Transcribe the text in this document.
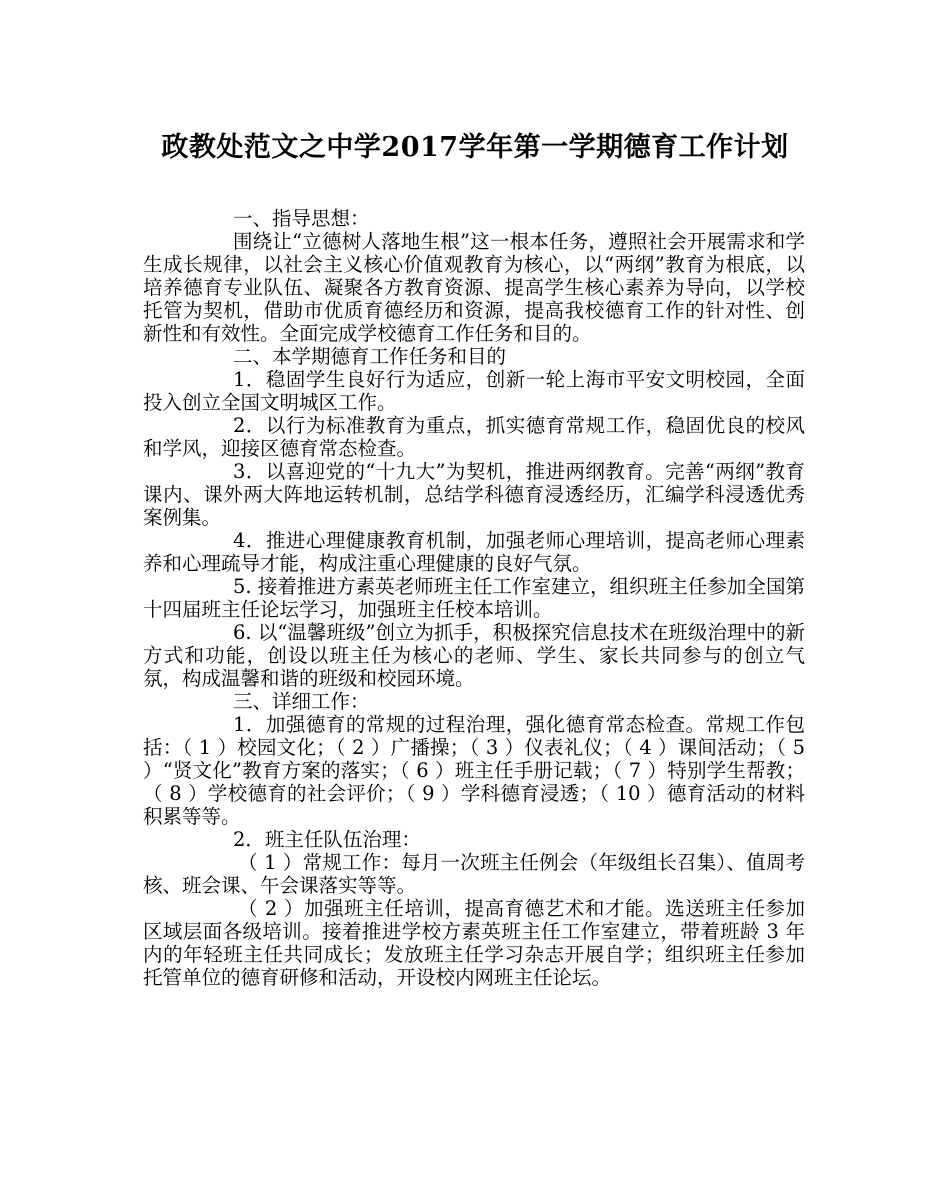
政教处范文之中学2017学年第一学期德育工作计划

一、指导思想：

围绕让“立德树人落地生根”这一根本任务，遵照社会开展需求和学生成长规律，以社会主义核心价值观教育为核心，以“两纲”教育为根底，以培养德育专业队伍、凝聚各方教育资源、提高学生核心素养为导向，以学校托管为契机，借助市优质育德经历和资源，提高我校德育工作的针对性、创新性和有效性。全面完成学校德育工作任务和目的。

二、本学期德育工作任务和目的

1．稳固学生良好行为适应，创新一轮上海市平安文明校园，全面投入创立全国文明城区工作。

2．以行为标准教育为重点，抓实德育常规工作，稳固优良的校风和学风，迎接区德育常态检查。

3．以喜迎党的“十九大”为契机，推进两纲教育。完善“两纲”教育课内、课外两大阵地运转机制，总结学科德育浸透经历，汇编学科浸透优秀案例集。

4．推进心理健康教育机制，加强老师心理培训，提高老师心理素养和心理疏导才能，构成注重心理健康的良好气氛。

5. 接着推进方素英老师班主任工作室建立，组织班主任参加全国第十四届班主任论坛学习，加强班主任校本培训。

6. 以“温馨班级”创立为抓手，积极探究信息技术在班级治理中的新方式和功能，创设以班主任为核心的老师、学生、家长共同参与的创立气氛，构成温馨和谐的班级和校园环境。

三、详细工作：

1．加强德育的常规的过程治理，强化德育常态检查。常规工作包括：（ 1 ）校园文化；（ 2 ）广播操；（ 3 ）仪表礼仪；（ 4 ）课间活动；（ 5 ）“贤文化”教育方案的落实；（ 6 ）班主任手册记载；（ 7 ）特别学生帮教；（ 8 ）学校德育的社会评价；（ 9 ）学科德育浸透；（ 10 ）德育活动的材料积累等等。

2．班主任队伍治理：

（ 1 ）常规工作：每月一次班主任例会（年级组长召集）、值周考核、班会课、午会课落实等等。

（ 2 ）加强班主任培训，提高育德艺术和才能。选送班主任参加区域层面各级培训。接着推进学校方素英班主任工作室建立，带着班龄 3 年内的年轻班主任共同成长；发放班主任学习杂志开展自学；组织班主任参加托管单位的德育研修和活动，开设校内网班主任论坛。
